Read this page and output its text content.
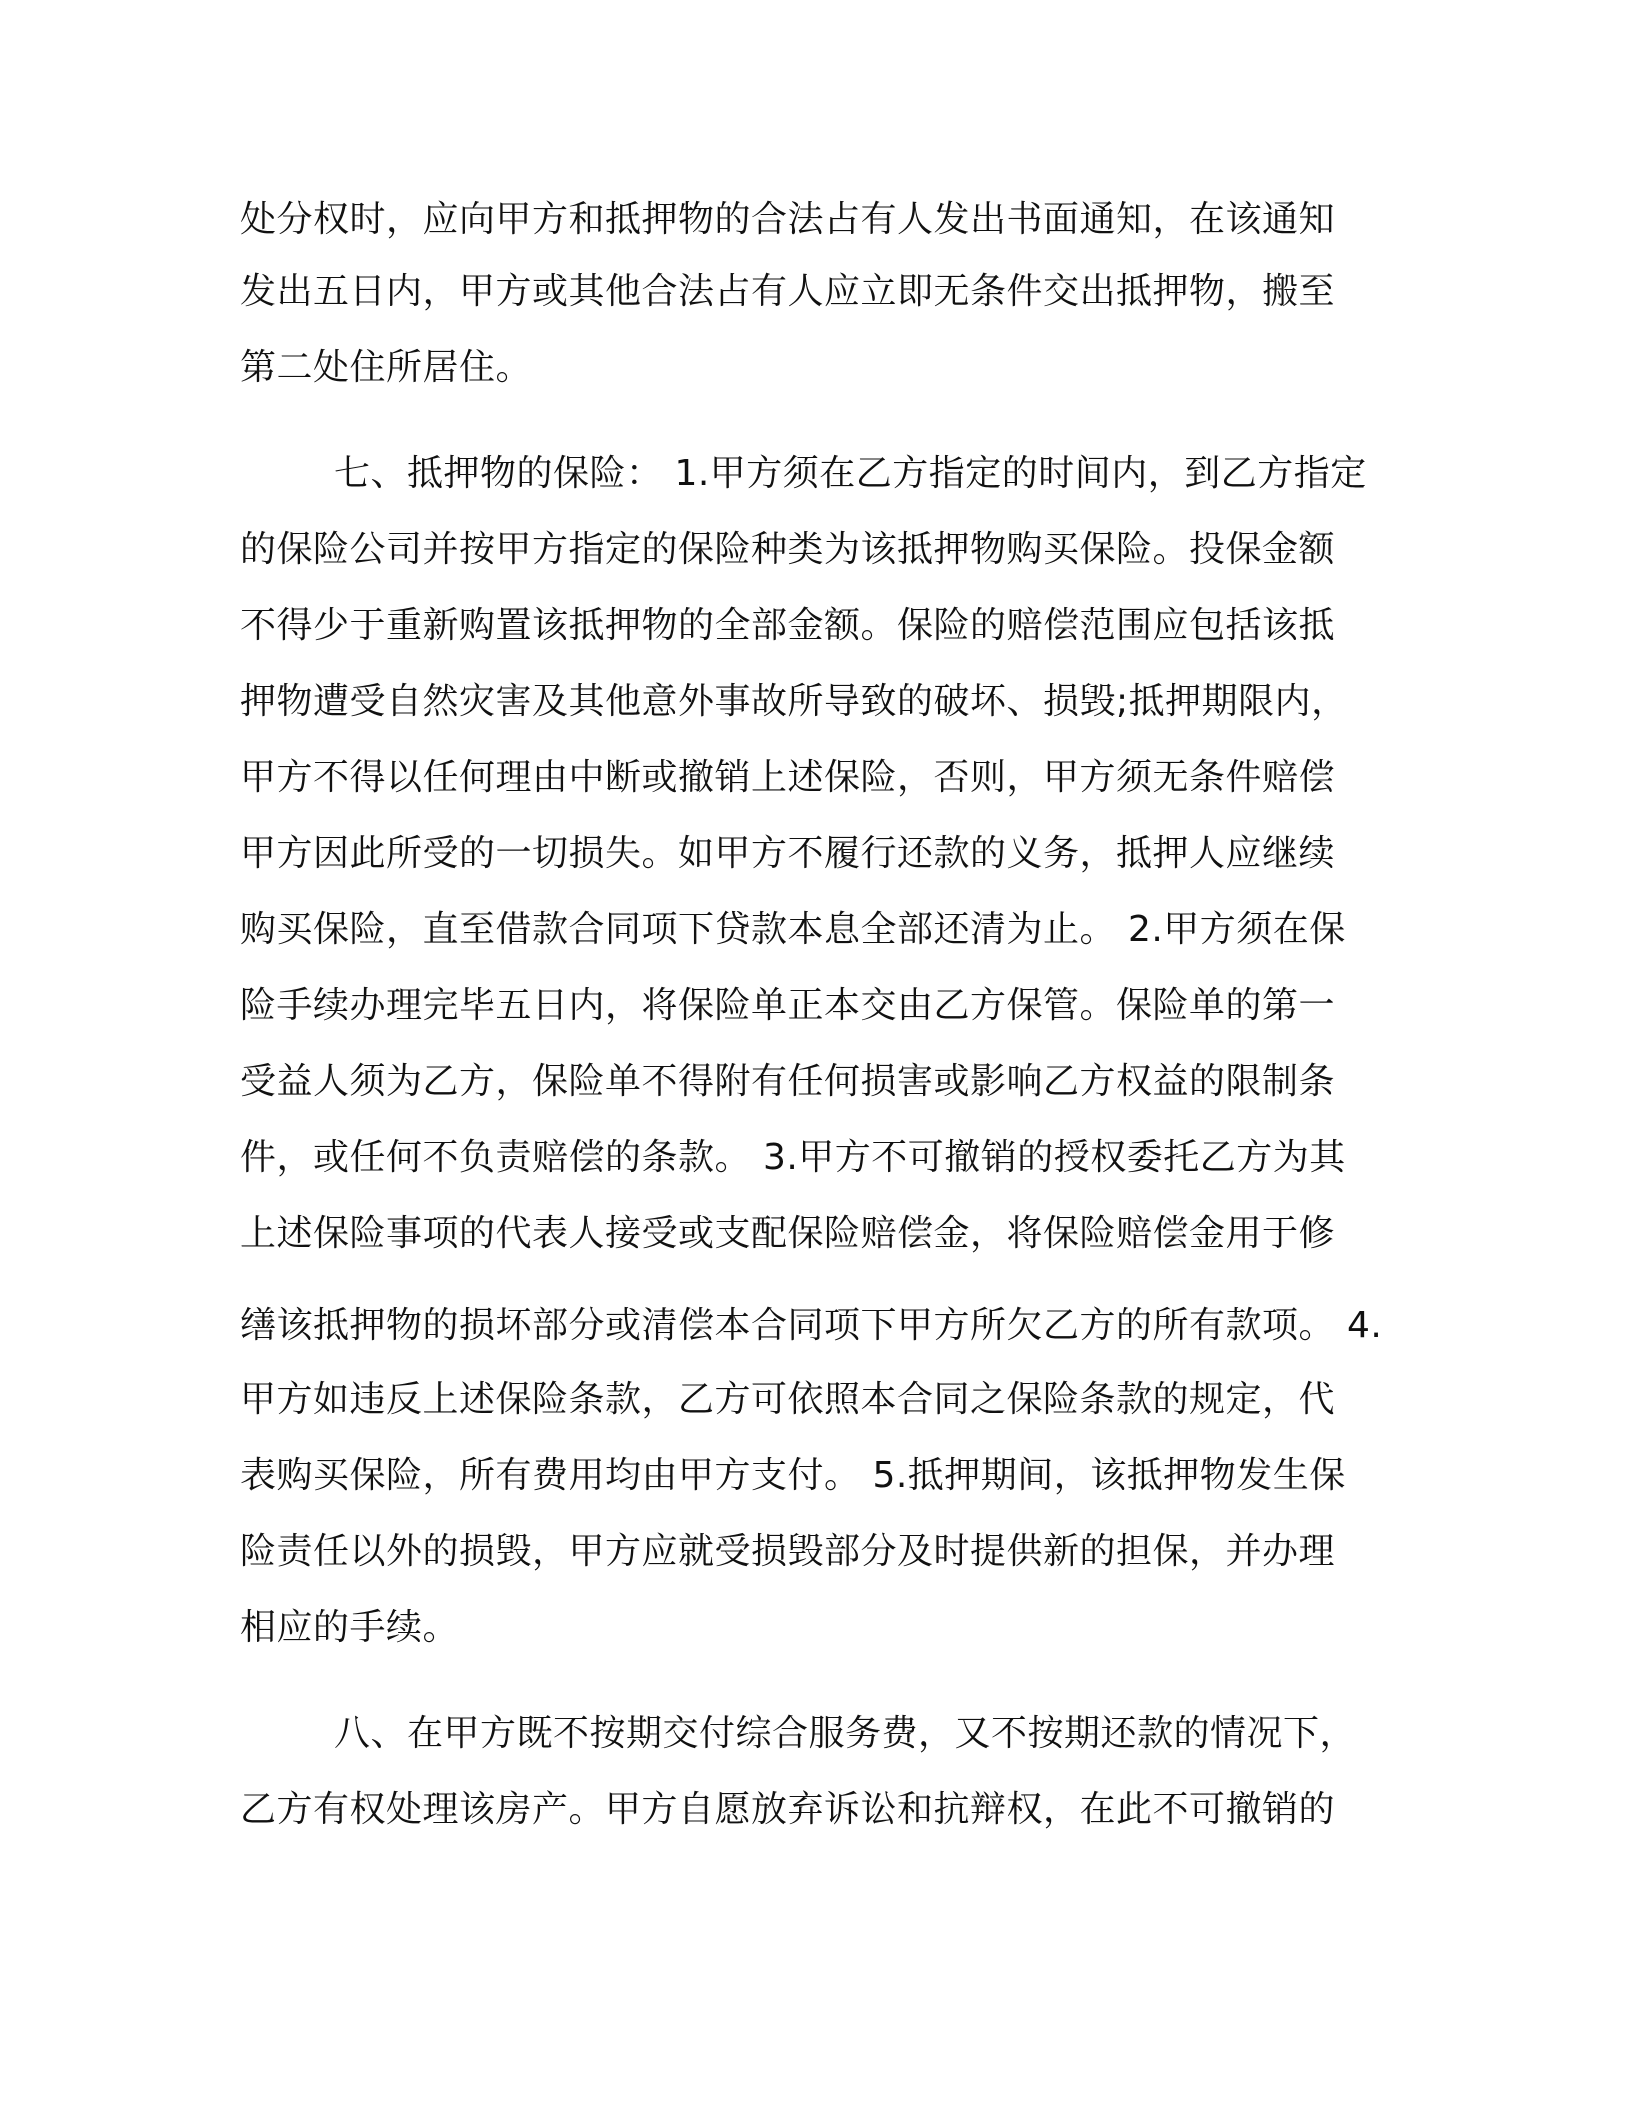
处分权时，应向甲方和抵押物的合法占有人发出书面通知，在该通知
发出五日内，甲方或其他合法占有人应立即无条件交出抵押物，搬至
第二处住所居住。
七、抵押物的保险： 1.甲方须在乙方指定的时间内，到乙方指定
的保险公司并按甲方指定的保险种类为该抵押物购买保险。投保金额
不得少于重新购置该抵押物的全部金额。保险的赔偿范围应包括该抵
押物遭受自然灾害及其他意外事故所导致的破坏、损毁;抵押期限内，
甲方不得以任何理由中断或撤销上述保险，否则，甲方须无条件赔偿
甲方因此所受的一切损失。如甲方不履行还款的义务，抵押人应继续
购买保险，直至借款合同项下贷款本息全部还清为止。 2.甲方须在保
险手续办理完毕五日内，将保险单正本交由乙方保管。保险单的第一
受益人须为乙方，保险单不得附有任何损害或影响乙方权益的限制条
件，或任何不负责赔偿的条款。 3.甲方不可撤销的授权委托乙方为其
上述保险事项的代表人接受或支配保险赔偿金，将保险赔偿金用于修
缮该抵押物的损坏部分或清偿本合同项下甲方所欠乙方的所有款项。 4.
甲方如违反上述保险条款，乙方可依照本合同之保险条款的规定，代
表购买保险，所有费用均由甲方支付。 5.抵押期间，该抵押物发生保
险责任以外的损毁，甲方应就受损毁部分及时提供新的担保，并办理
相应的手续。
八、在甲方既不按期交付综合服务费，又不按期还款的情况下，
乙方有权处理该房产。甲方自愿放弃诉讼和抗辩权，在此不可撤销的
